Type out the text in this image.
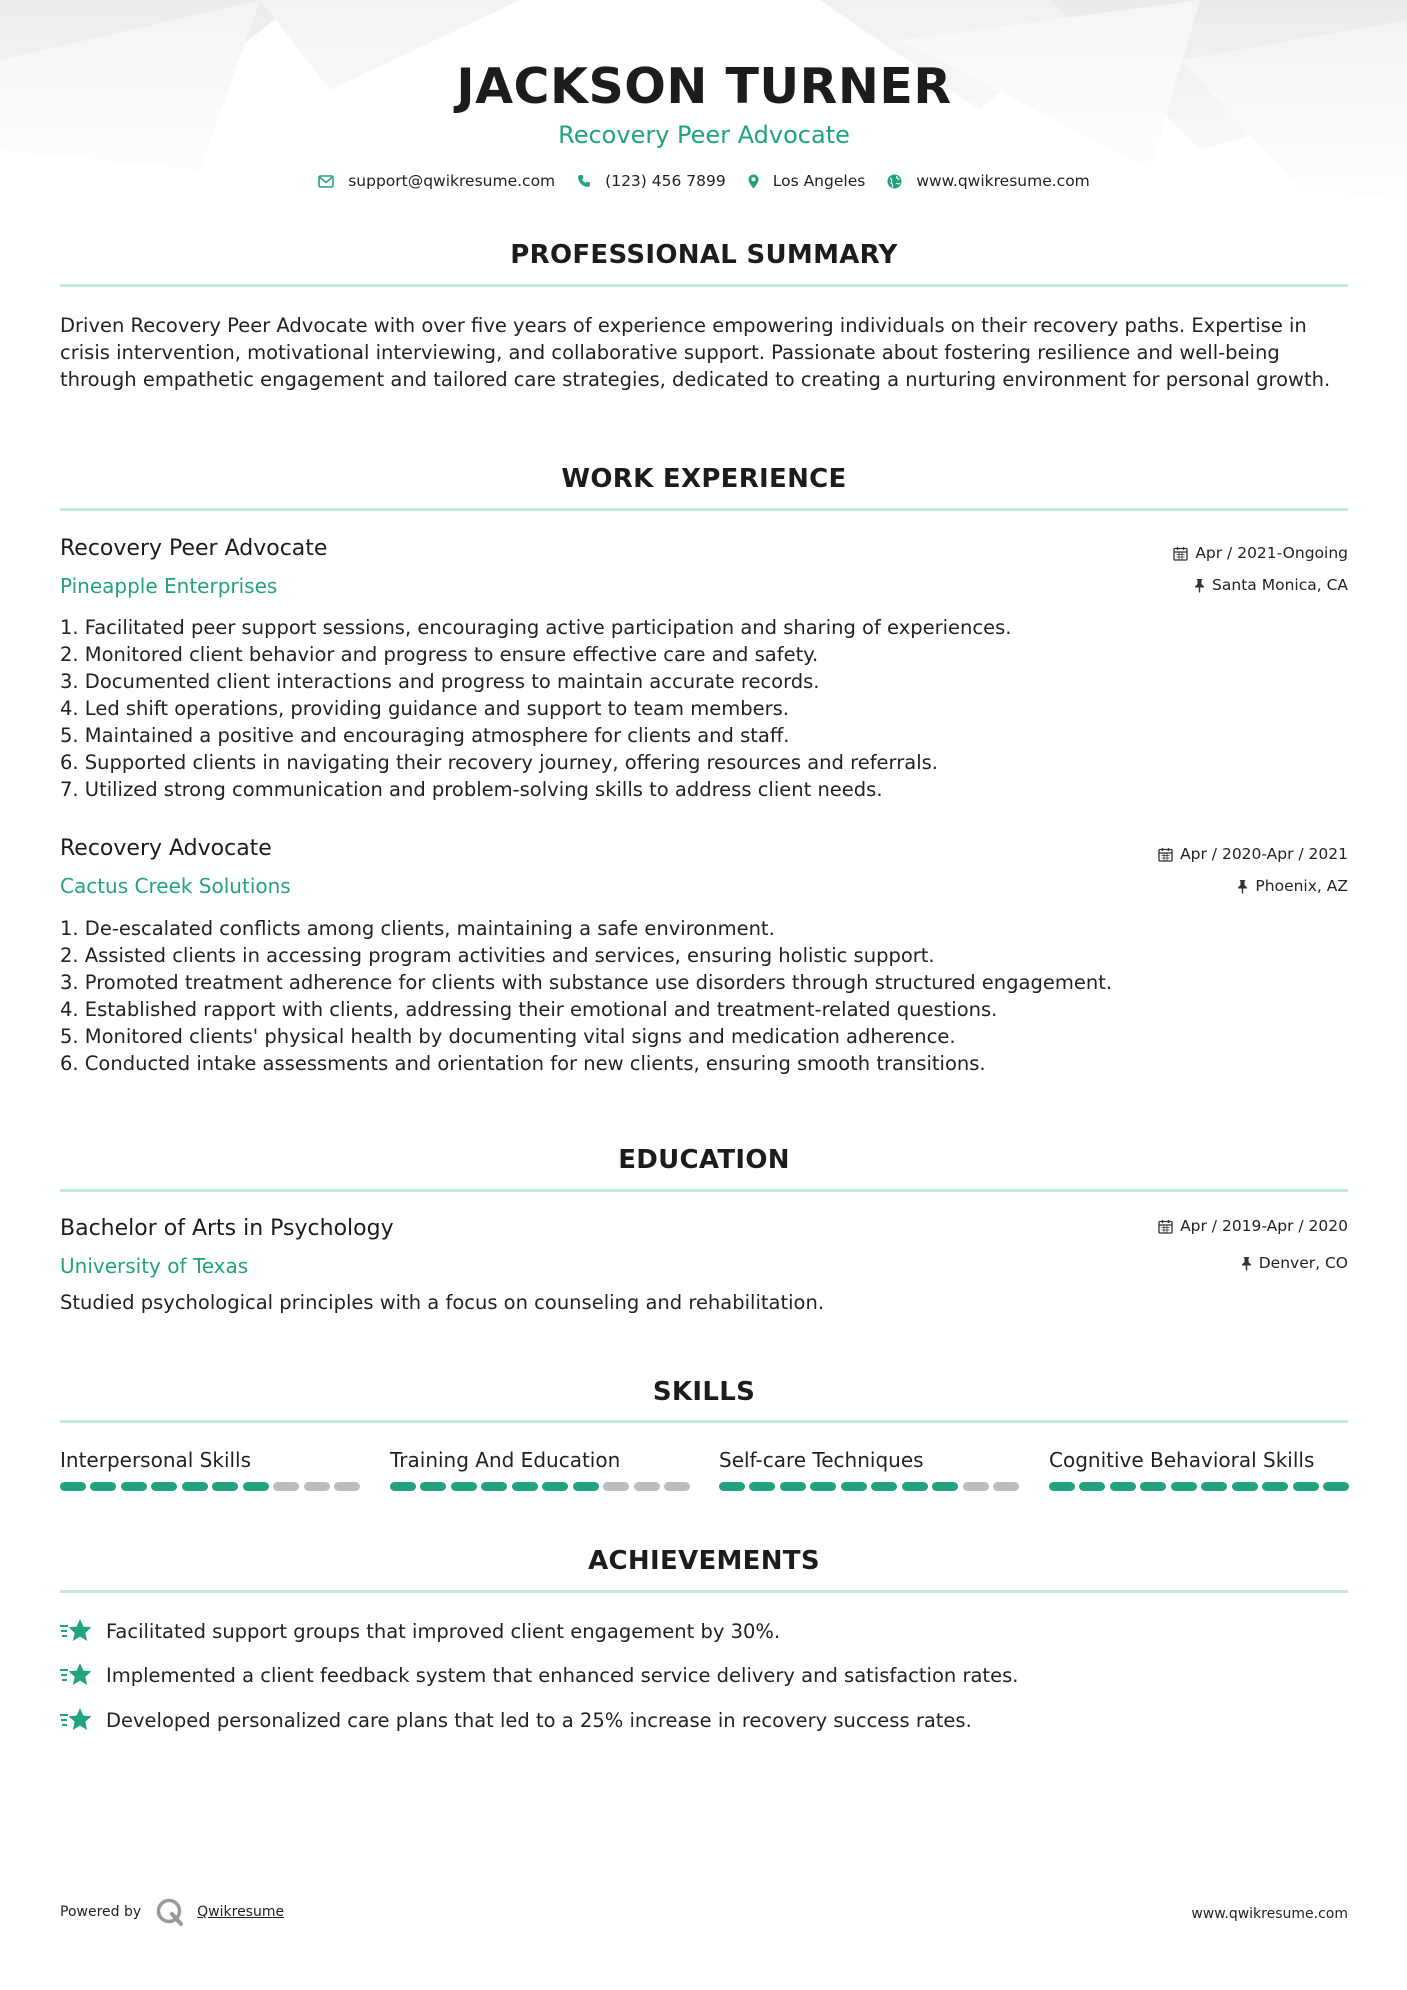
JACKSON TURNER
Recovery Peer Advocate
support@qwikresume.com	(123) 456 7899	Los Angeles	www.qwikresume.com
PROFESSIONAL SUMMARY
Driven Recovery Peer Advocate with over five years of experience empowering individuals on their recovery paths. Expertise in crisis intervention, motivational interviewing, and collaborative support. Passionate about fostering resilience and well-being through empathetic engagement and tailored care strategies, dedicated to creating a nurturing environment for personal growth.
WORK EXPERIENCE
Recovery Peer Advocate	Apr / 2021-Ongoing
Pineapple Enterprises	Santa Monica, CA
1. Facilitated peer support sessions, encouraging active participation and sharing of experiences.
2. Monitored client behavior and progress to ensure effective care and safety.
3. Documented client interactions and progress to maintain accurate records.
4. Led shift operations, providing guidance and support to team members.
5. Maintained a positive and encouraging atmosphere for clients and staff.
6. Supported clients in navigating their recovery journey, offering resources and referrals.
7. Utilized strong communication and problem-solving skills to address client needs.
Recovery Advocate	Apr / 2020-Apr / 2021
Cactus Creek Solutions	Phoenix, AZ
1. De-escalated conflicts among clients, maintaining a safe environment.
2. Assisted clients in accessing program activities and services, ensuring holistic support.
3. Promoted treatment adherence for clients with substance use disorders through structured engagement.
4. Established rapport with clients, addressing their emotional and treatment-related questions.
5. Monitored clients' physical health by documenting vital signs and medication adherence.
6. Conducted intake assessments and orientation for new clients, ensuring smooth transitions.
EDUCATION
Bachelor of Arts in Psychology	Apr / 2019-Apr / 2020
University of Texas	Denver, CO
Studied psychological principles with a focus on counseling and rehabilitation.
SKILLS
Interpersonal Skills	Training And Education	Self-care Techniques	Cognitive Behavioral Skills
ACHIEVEMENTS
Facilitated support groups that improved client engagement by 30%.
Implemented a client feedback system that enhanced service delivery and satisfaction rates.
Developed personalized care plans that led to a 25% increase in recovery success rates.
Powered by	Qwikresume	www.qwikresume.com
